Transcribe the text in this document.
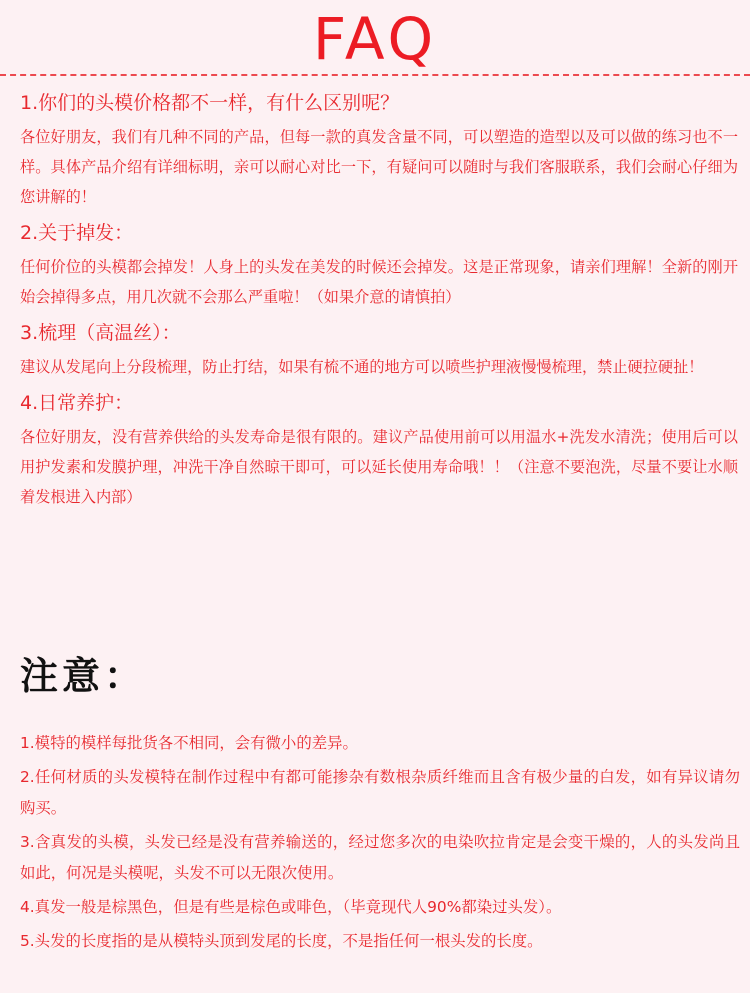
FAQ
1.你们的头模价格都不一样，有什么区别呢？
各位好朋友，我们有几种不同的产品，但每一款的真发含量不同，可以塑造的造型以及可以做的练习也不一样。具体产品介绍有详细标明，亲可以耐心对比一下，有疑问可以随时与我们客服联系，我们会耐心仔细为您讲解的！
2.关于掉发：
任何价位的头模都会掉发！人身上的头发在美发的时候还会掉发。这是正常现象，请亲们理解！全新的刚开始会掉得多点，用几次就不会那么严重啦！（如果介意的请慎拍）
3.梳理（高温丝）：
建议从发尾向上分段梳理，防止打结，如果有梳不通的地方可以喷些护理液慢慢梳理，禁止硬拉硬扯！
4.日常养护：
各位好朋友，没有营养供给的头发寿命是很有限的。建议产品使用前可以用温水+洗发水清洗；使用后可以用护发素和发膜护理，冲洗干净自然晾干即可，可以延长使用寿命哦！！（注意不要泡洗，尽量不要让水顺着发根进入内部）
注意：
1.模特的模样每批货各不相同，会有微小的差异。
2.任何材质的头发模特在制作过程中有都可能掺杂有数根杂质纤维而且含有极少量的白发，如有异议请勿购买。
3.含真发的头模，头发已经是没有营养输送的，经过您多次的电染吹拉肯定是会变干燥的，人的头发尚且如此，何况是头模呢，头发不可以无限次使用。
4.真发一般是棕黑色，但是有些是棕色或啡色，（毕竟现代人90%都染过头发）。
5.头发的长度指的是从模特头顶到发尾的长度，不是指任何一根头发的长度。
